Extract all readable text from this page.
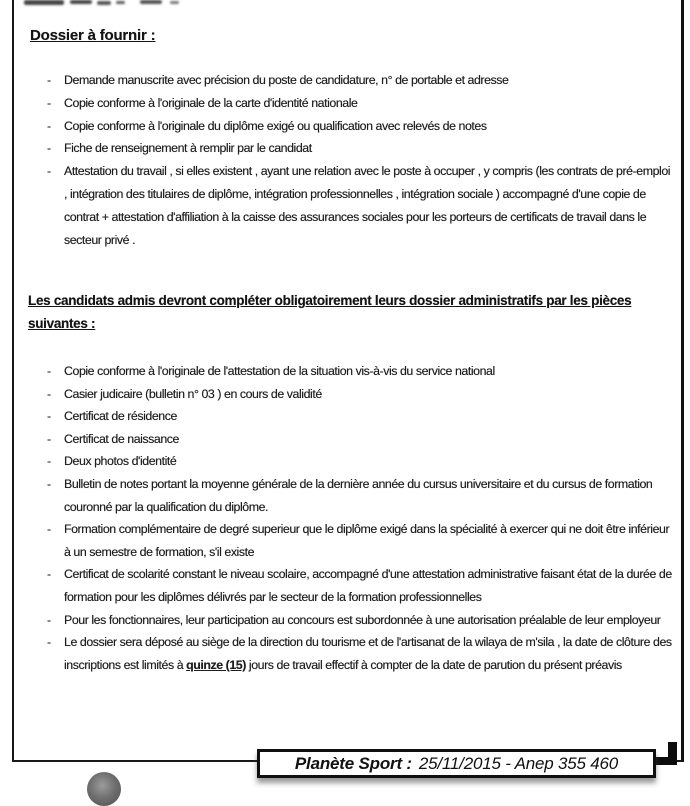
Dossier à fournir :
-	Demande manuscrite avec précision du poste de candidature, n° de portable et adresse
-	Copie conforme à l'originale de la carte d'identité nationale
-	Copie conforme à l'originale du diplôme exigé ou qualification avec relevés de notes
-	Fiche de renseignement à remplir par le candidat
-	Attestation du travail , si elles existent , ayant une relation avec le poste à occuper , y compris (les contrats de pré-emploi , intégration des titulaires de diplôme, intégration professionnelles , intégration sociale ) accompagné d'une copie de contrat + attestation d'affiliation à la caisse des assurances sociales pour les porteurs de certificats de travail dans le secteur privé .
Les candidats admis devront compléter obligatoirement leurs dossier administratifs par les pièces suivantes :
-	Copie conforme à l'originale de l'attestation de la situation vis-à-vis du service national
-	Casier judicaire (bulletin n° 03 ) en cours de validité
-	Certificat de résidence
-	Certificat de naissance
-	Deux photos d'identité
-	Bulletin de notes portant la moyenne générale de la dernière année du cursus universitaire et du cursus de formation couronné par la qualification du diplôme.
-	Formation complémentaire de degré superieur que le diplôme exigé dans la spécialité à exercer qui ne doit être inférieur à un semestre de formation, s'il existe
-	Certificat de scolarité constant le niveau scolaire, accompagné d'une attestation administrative faisant état de la durée de formation pour les diplômes délivrés par le secteur de la formation professionnelles
-	Pour les fonctionnaires, leur participation au concours est subordonnée à une autorisation préalable de leur employeur
-	Le dossier sera déposé au siège de la direction du tourisme et de l'artisanat de la wilaya de m'sila , la date de clôture des inscriptions est limités à quinze (15) jours de travail effectif à compter de la date de parution du présent préavis
Planète Sport : 25/11/2015 - Anep 355 460
